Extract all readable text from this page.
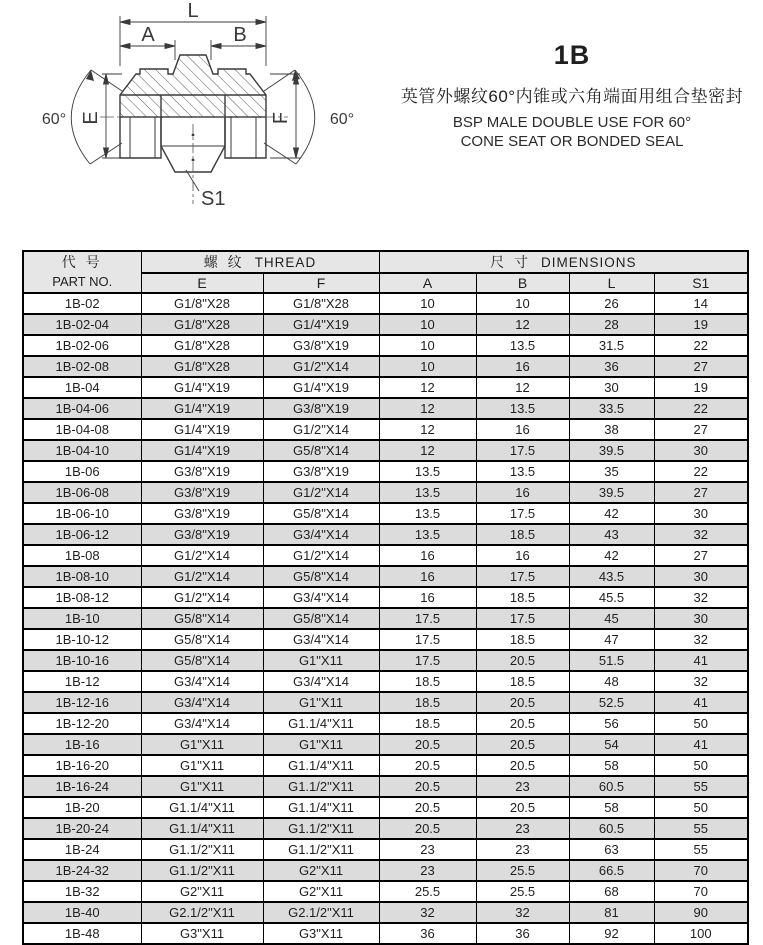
L
A	B
E	F
60°	60°
S1
1B
英管外螺纹60°内锥或六角端面用组合垫密封
BSP MALE DOUBLE USE FOR 60°
CONE SEAT OR BONDED SEAL
代 号
PART NO.	螺 纹 THREAD		尺 寸 DIMENSIONS			
	E	F	A	B	L	S1
1B-02	G1/8"X28	G1/8"X28	10	10	26	14
1B-02-04	G1/8"X28	G1/4"X19	10	12	28	19
1B-02-06	G1/8"X28	G3/8"X19	10	13.5	31.5	22
1B-02-08	G1/8"X28	G1/2"X14	10	16	36	27
1B-04	G1/4"X19	G1/4"X19	12	12	30	19
1B-04-06	G1/4"X19	G3/8"X19	12	13.5	33.5	22
1B-04-08	G1/4"X19	G1/2"X14	12	16	38	27
1B-04-10	G1/4"X19	G5/8"X14	12	17.5	39.5	30
1B-06	G3/8"X19	G3/8"X19	13.5	13.5	35	22
1B-06-08	G3/8"X19	G1/2"X14	13.5	16	39.5	27
1B-06-10	G3/8"X19	G5/8"X14	13.5	17.5	42	30
1B-06-12	G3/8"X19	G3/4"X14	13.5	18.5	43	32
1B-08	G1/2"X14	G1/2"X14	16	16	42	27
1B-08-10	G1/2"X14	G5/8"X14	16	17.5	43.5	30
1B-08-12	G1/2"X14	G3/4"X14	16	18.5	45.5	32
1B-10	G5/8"X14	G5/8"X14	17.5	17.5	45	30
1B-10-12	G5/8"X14	G3/4"X14	17.5	18.5	47	32
1B-10-16	G5/8"X14	G1"X11	17.5	20.5	51.5	41
1B-12	G3/4"X14	G3/4"X14	18.5	18.5	48	32
1B-12-16	G3/4"X14	G1"X11	18.5	20.5	52.5	41
1B-12-20	G3/4"X14	G1.1/4"X11	18.5	20.5	56	50
1B-16	G1"X11	G1"X11	20.5	20.5	54	41
1B-16-20	G1"X11	G1.1/4"X11	20.5	20.5	58	50
1B-16-24	G1"X11	G1.1/2"X11	20.5	23	60.5	55
1B-20	G1.1/4"X11	G1.1/4"X11	20.5	20.5	58	50
1B-20-24	G1.1/4"X11	G1.1/2"X11	20.5	23	60.5	55
1B-24	G1.1/2"X11	G1.1/2"X11	23	23	63	55
1B-24-32	G1.1/2"X11	G2"X11	23	25.5	66.5	70
1B-32	G2"X11	G2"X11	25.5	25.5	68	70
1B-40	G2.1/2"X11	G2.1/2"X11	32	32	81	90
1B-48	G3"X11	G3"X11	36	36	92	100
